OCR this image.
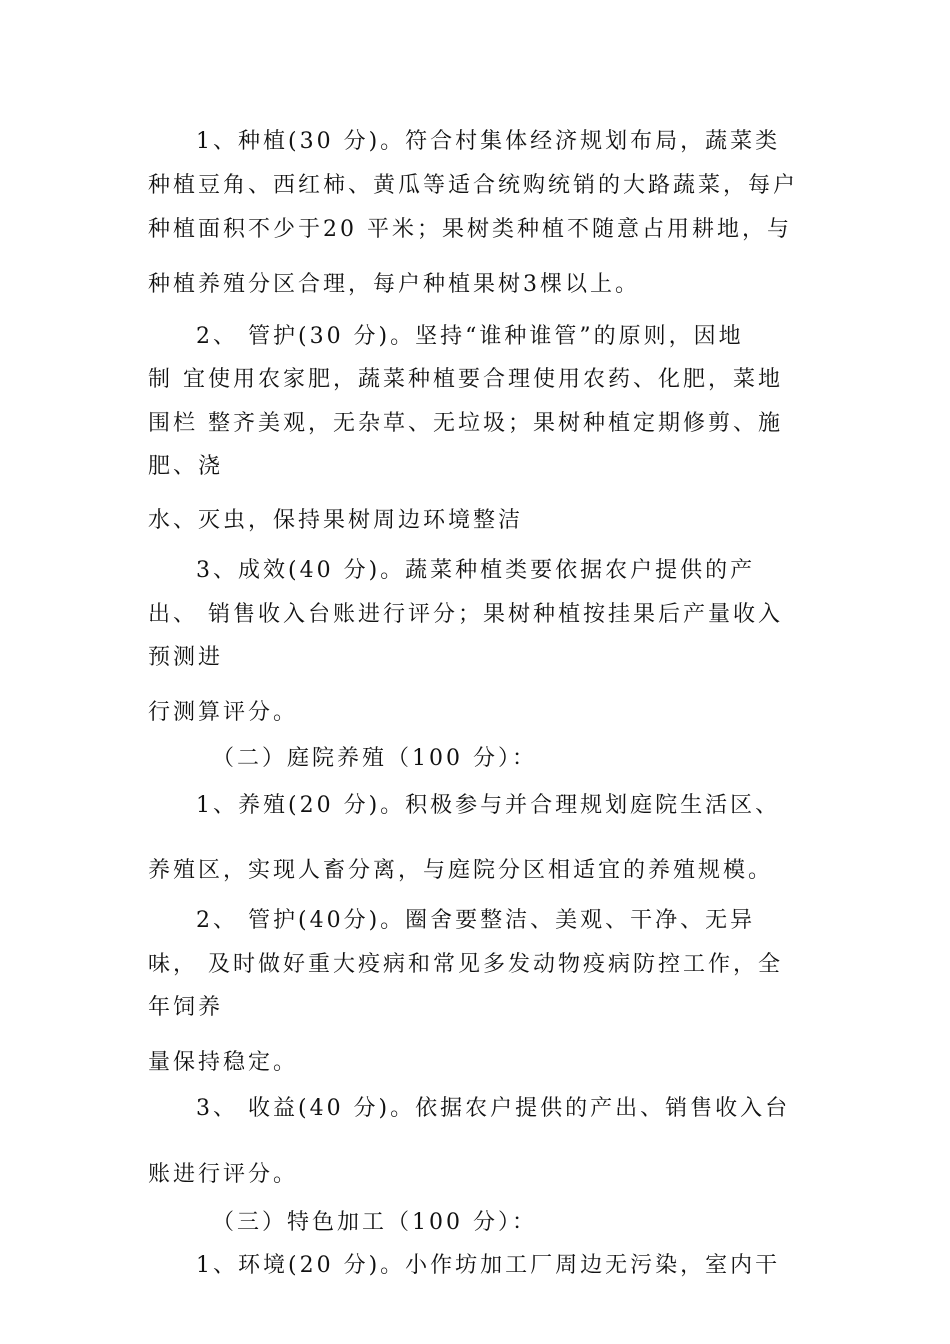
1、种植(30 分)。符合村集体经济规划布局，蔬菜类
种植豆角、西红柿、黄瓜等适合统购统销的大路蔬菜，每户
种植面积不少于20 平米；果树类种植不随意占用耕地，与
种植养殖分区合理，每户种植果树3棵以上。
2、 管护(30 分)。坚持“谁种谁管”的原则，因地
制 宜使用农家肥，蔬菜种植要合理使用农药、化肥，菜地
围栏 整齐美观，无杂草、无垃圾；果树种植定期修剪、施
肥、浇
水、灭虫，保持果树周边环境整洁
3、成效(40 分)。蔬菜种植类要依据农户提供的产
出、 销售收入台账进行评分；果树种植按挂果后产量收入
预测进
行测算评分。
（二）庭院养殖（100 分）：
1、养殖(20 分)。积极参与并合理规划庭院生活区、
养殖区，实现人畜分离，与庭院分区相适宜的养殖规模。
2、 管护(40分)。圈舍要整洁、美观、干净、无异
味， 及时做好重大疫病和常见多发动物疫病防控工作，全
年饲养
量保持稳定。
3、 收益(40 分)。依据农户提供的产出、销售收入台
账进行评分。
（三）特色加工（100 分）：
1、环境(20 分)。小作坊加工厂周边无污染，室内干
